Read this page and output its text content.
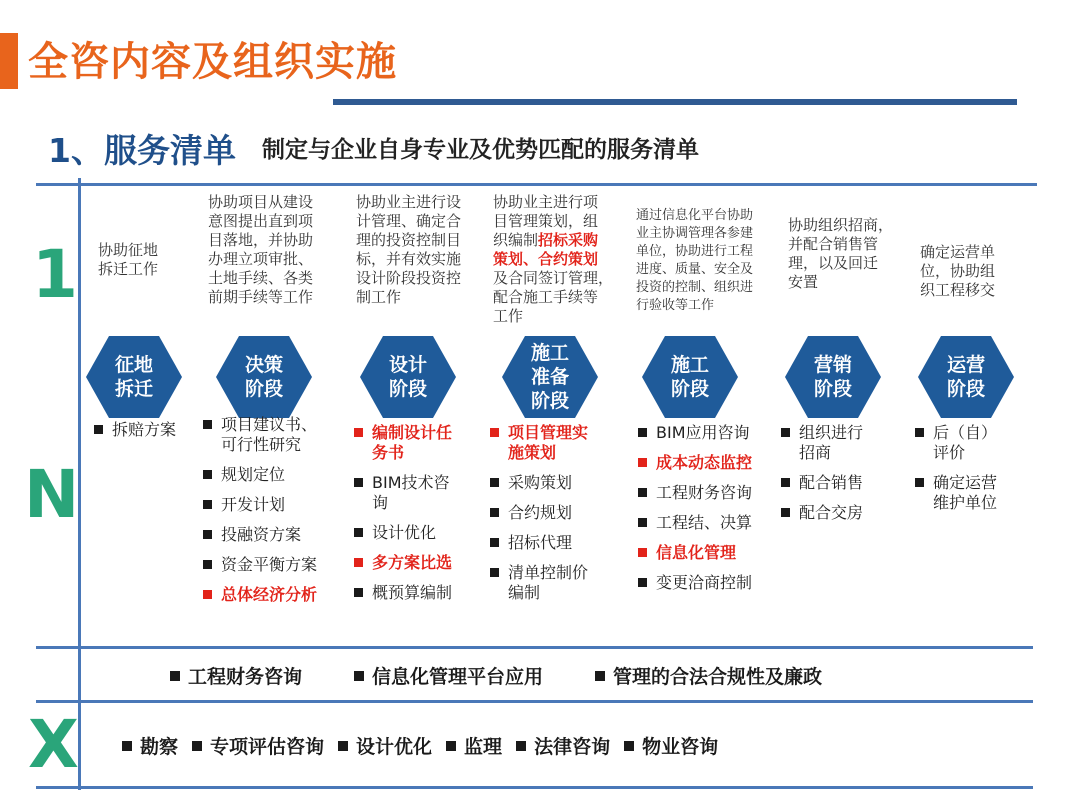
全咨内容及组织实施
1、服务清单 制定与企业自身专业及优势匹配的服务清单
1
N
X
协助征地
拆迁工作
征地
拆迁
拆赔方案
协助项目从建设
意图提出直到项
目落地，并协助
办理立项审批、
土地手续、各类
前期手续等工作
决策
阶段
项目建议书、
可行性研究
规划定位
开发计划
投融资方案
资金平衡方案
总体经济分析
协助业主进行设
计管理、确定合
理的投资控制目
标，并有效实施
设计阶段投资控
制工作
设计
阶段
编制设计任
务书
BIM技术咨
询
设计优化
多方案比选
概预算编制
协助业主进行项
目管理策划，组
织编制招标采购
策划、合约策划
及合同签订管理，
配合施工手续等
工作
施工
准备
阶段
项目管理实
施策划
采购策划
合约规划
招标代理
清单控制价
编制
通过信息化平台协助
业主协调管理各参建
单位，协助进行工程
进度、质量、安全及
投资的控制、组织进
行验收等工作
施工
阶段
BIM应用咨询
成本动态监控
工程财务咨询
工程结、决算
信息化管理
变更洽商控制
协助组织招商，
并配合销售管
理，以及回迁
安置
营销
阶段
组织进行
招商
配合销售
配合交房
确定运营单
位，协助组
织工程移交
运营
阶段
后（自）
评价
确定运营
维护单位
工程财务咨询	信息化管理平台应用	管理的合法合规性及廉政
勘察 专项评估咨询 设计优化 监理 法律咨询 物业咨询
